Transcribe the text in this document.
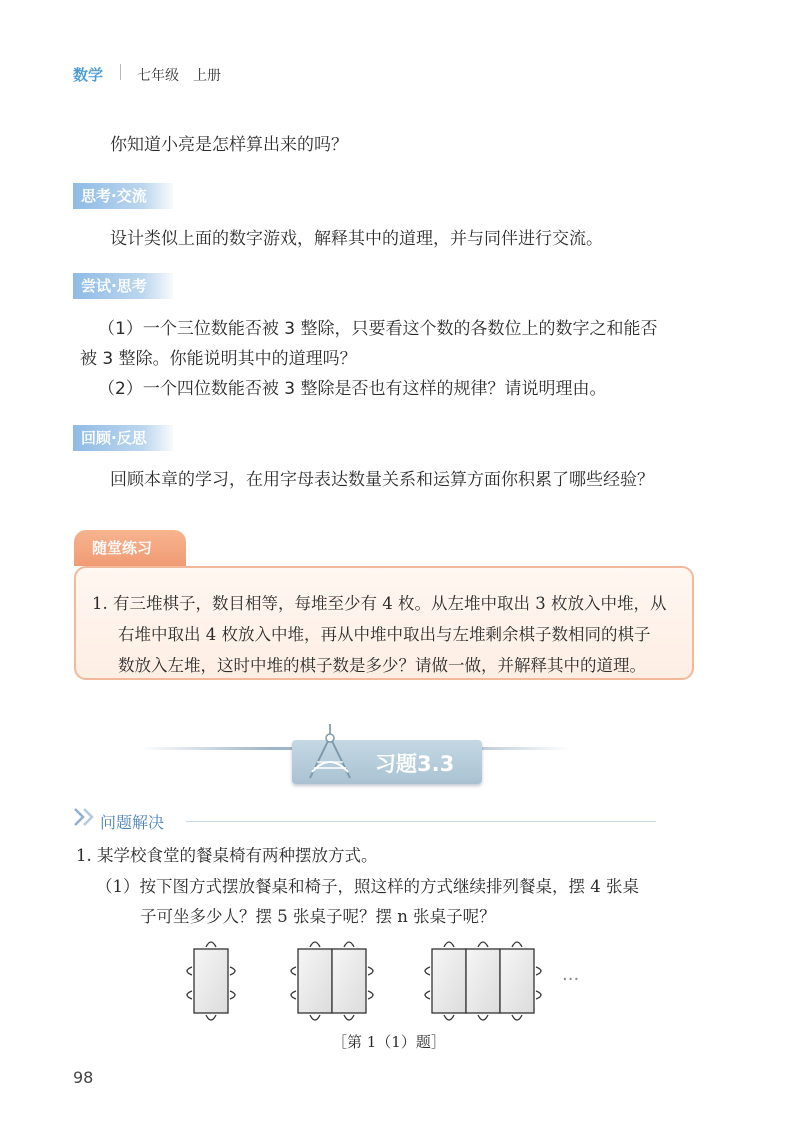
数学 七年级　上册
你知道小亮是怎样算出来的吗？
思考·交流
设计类似上面的数字游戏，解释其中的道理，并与同伴进行交流。
尝试·思考
（1）一个三位数能否被 3 整除，只要看这个数的各数位上的数字之和能否
被 3 整除。你能说明其中的道理吗？
（2）一个四位数能否被 3 整除是否也有这样的规律？请说明理由。
回顾·反思
回顾本章的学习，在用字母表达数量关系和运算方面你积累了哪些经验？
随堂练习
1. 有三堆棋子，数目相等，每堆至少有 4 枚。从左堆中取出 3 枚放入中堆，从
右堆中取出 4 枚放入中堆，再从中堆中取出与左堆剩余棋子数相同的棋子
数放入左堆，这时中堆的棋子数是多少？请做一做，并解释其中的道理。
习题3.3
问题解决
1. 某学校食堂的餐桌椅有两种摆放方式。
（1）按下图方式摆放餐桌和椅子，照这样的方式继续排列餐桌，摆 4 张桌
子可坐多少人？摆 5 张桌子呢？摆 n 张桌子呢？
···
［第 1（1）题］
98
